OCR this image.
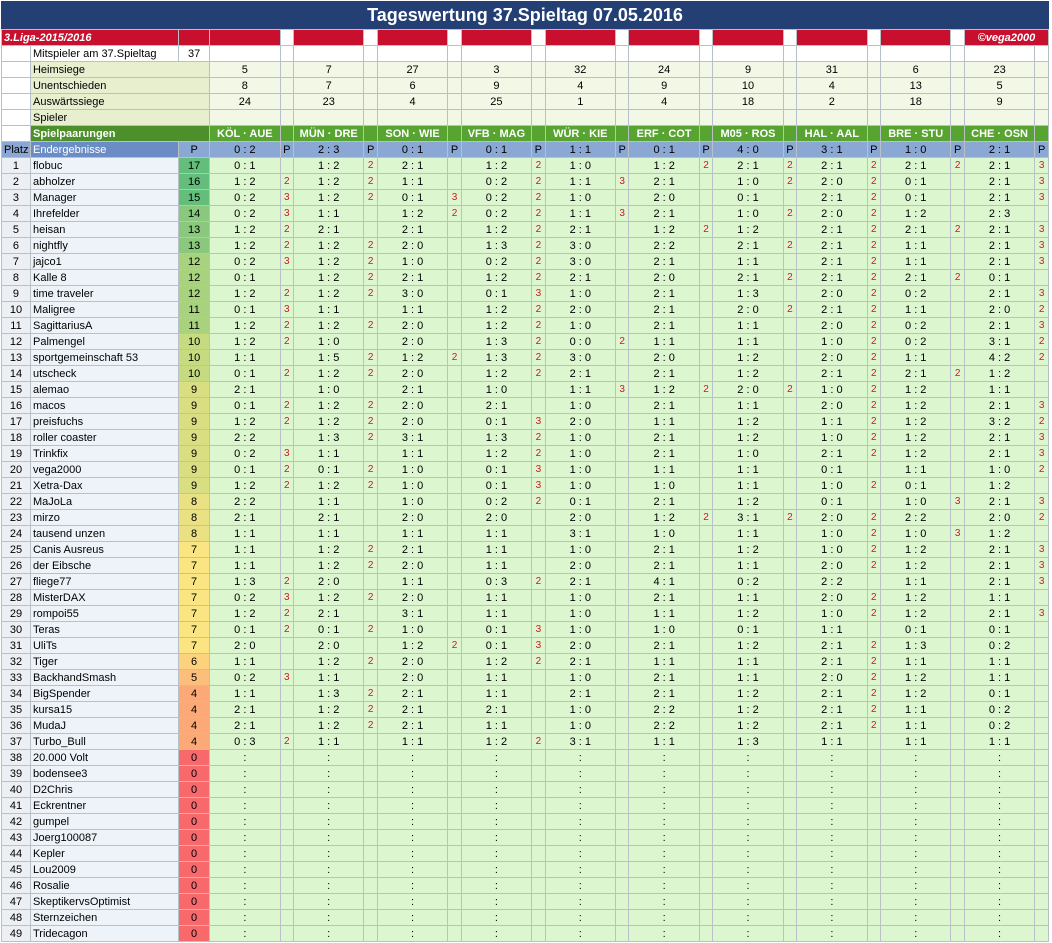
Tageswertung 37.Spieltag 07.05.2016
3.Liga-2015/2016																					©vega2000	
	Mitspieler am 37.Spieltag	37																				
	Heimsiege		5		7		27		3		32		24		9		31		6		23	
	Unentschieden		8		7		6		9		4		9		10		4		13		5	
	Auswärtssiege		24		23		4		25		1		4		18		2		18		9	
	Spieler																					
	Spielpaarungen		KÖL · AUE		MÜN · DRE		SON · WIE		VFB · MAG		WÜR · KIE		ERF · COT		M05 · ROS		HAL · AAL		BRE · STU		CHE · OSN	
Platz	Endergebnisse	P	0 : 2	P	2 : 3	P	0 : 1	P	0 : 1	P	1 : 1	P	0 : 1	P	4 : 0	P	3 : 1	P	1 : 0	P	2 : 1	P
1	flobuc	17	0 : 1		1 : 2	2	2 : 1		1 : 2	2	1 : 0		1 : 2	2	2 : 1	2	2 : 1	2	2 : 1	2	2 : 1	3
2	abholzer	16	1 : 2	2	1 : 2	2	1 : 1		0 : 2	2	1 : 1	3	2 : 1		1 : 0	2	2 : 0	2	0 : 1		2 : 1	3
3	Manager	15	0 : 2	3	1 : 2	2	0 : 1	3	0 : 2	2	1 : 0		2 : 0		0 : 1		2 : 1	2	0 : 1		2 : 1	3
4	Ihrefelder	14	0 : 2	3	1 : 1		1 : 2	2	0 : 2	2	1 : 1	3	2 : 1		1 : 0	2	2 : 0	2	1 : 2		2 : 3	
5	heisan	13	1 : 2	2	2 : 1		2 : 1		1 : 2	2	2 : 1		1 : 2	2	1 : 2		2 : 1	2	2 : 1	2	2 : 1	3
6	nightfly	13	1 : 2	2	1 : 2	2	2 : 0		1 : 3	2	3 : 0		2 : 2		2 : 1	2	2 : 1	2	1 : 1		2 : 1	3
7	jajco1	12	0 : 2	3	1 : 2	2	1 : 0		0 : 2	2	3 : 0		2 : 1		1 : 1		2 : 1	2	1 : 1		2 : 1	3
8	Kalle 8	12	0 : 1		1 : 2	2	2 : 1		1 : 2	2	2 : 1		2 : 0		2 : 1	2	2 : 1	2	2 : 1	2	0 : 1	
9	time traveler	12	1 : 2	2	1 : 2	2	3 : 0		0 : 1	3	1 : 0		2 : 1		1 : 3		2 : 0	2	0 : 2		2 : 1	3
10	Maligree	11	0 : 1	3	1 : 1		1 : 1		1 : 2	2	2 : 0		2 : 1		2 : 0	2	2 : 1	2	1 : 1		2 : 0	2
11	SagittariusA	11	1 : 2	2	1 : 2	2	2 : 0		1 : 2	2	1 : 0		2 : 1		1 : 1		2 : 0	2	0 : 2		2 : 1	3
12	Palmengel	10	1 : 2	2	1 : 0		2 : 0		1 : 3	2	0 : 0	2	1 : 1		1 : 1		1 : 0	2	0 : 2		3 : 1	2
13	sportgemeinschaft 53	10	1 : 1		1 : 5	2	1 : 2	2	1 : 3	2	3 : 0		2 : 0		1 : 2		2 : 0	2	1 : 1		4 : 2	2
14	utscheck	10	0 : 1	2	1 : 2	2	2 : 0		1 : 2	2	2 : 1		2 : 1		1 : 2		2 : 1	2	2 : 1	2	1 : 2	
15	alemao	9	2 : 1		1 : 0		2 : 1		1 : 0		1 : 1	3	1 : 2	2	2 : 0	2	1 : 0	2	1 : 2		1 : 1	
16	macos	9	0 : 1	2	1 : 2	2	2 : 0		2 : 1		1 : 0		2 : 1		1 : 1		2 : 0	2	1 : 2		2 : 1	3
17	preisfuchs	9	1 : 2	2	1 : 2	2	2 : 0		0 : 1	3	2 : 0		1 : 1		1 : 2		1 : 1	2	1 : 2		3 : 2	2
18	roller coaster	9	2 : 2		1 : 3	2	3 : 1		1 : 3	2	1 : 0		2 : 1		1 : 2		1 : 0	2	1 : 2		2 : 1	3
19	Trinkfix	9	0 : 2	3	1 : 1		1 : 1		1 : 2	2	1 : 0		2 : 1		1 : 0		2 : 1	2	1 : 2		2 : 1	3
20	vega2000	9	0 : 1	2	0 : 1	2	1 : 0		0 : 1	3	1 : 0		1 : 1		1 : 1		0 : 1		1 : 1		1 : 0	2
21	Xetra-Dax	9	1 : 2	2	1 : 2	2	1 : 0		0 : 1	3	1 : 0		1 : 0		1 : 1		1 : 0	2	0 : 1		1 : 2	
22	MaJoLa	8	2 : 2		1 : 1		1 : 0		0 : 2	2	0 : 1		2 : 1		1 : 2		0 : 1		1 : 0	3	2 : 1	3
23	mirzo	8	2 : 1		2 : 1		2 : 0		2 : 0		2 : 0		1 : 2	2	3 : 1	2	2 : 0	2	2 : 2		2 : 0	2
24	tausend unzen	8	1 : 1		1 : 1		1 : 1		1 : 1		3 : 1		1 : 0		1 : 1		1 : 0	2	1 : 0	3	1 : 2	
25	Canis Ausreus	7	1 : 1		1 : 2	2	2 : 1		1 : 1		1 : 0		2 : 1		1 : 2		1 : 0	2	1 : 2		2 : 1	3
26	der Eibsche	7	1 : 1		1 : 2	2	2 : 0		1 : 1		2 : 0		2 : 1		1 : 1		2 : 0	2	1 : 2		2 : 1	3
27	fliege77	7	1 : 3	2	2 : 0		1 : 1		0 : 3	2	2 : 1		4 : 1		0 : 2		2 : 2		1 : 1		2 : 1	3
28	MisterDAX	7	0 : 2	3	1 : 2	2	2 : 0		1 : 1		1 : 0		2 : 1		1 : 1		2 : 0	2	1 : 2		1 : 1	
29	rompoi55	7	1 : 2	2	2 : 1		3 : 1		1 : 1		1 : 0		1 : 1		1 : 2		1 : 0	2	1 : 2		2 : 1	3
30	Teras	7	0 : 1	2	0 : 1	2	1 : 0		0 : 1	3	1 : 0		1 : 0		0 : 1		1 : 1		0 : 1		0 : 1	
31	UliTs	7	2 : 0		2 : 0		1 : 2	2	0 : 1	3	2 : 0		2 : 1		1 : 2		2 : 1	2	1 : 3		0 : 2	
32	Tiger	6	1 : 1		1 : 2	2	2 : 0		1 : 2	2	2 : 1		1 : 1		1 : 1		2 : 1	2	1 : 1		1 : 1	
33	BackhandSmash	5	0 : 2	3	1 : 1		2 : 0		1 : 1		1 : 0		2 : 1		1 : 1		2 : 0	2	1 : 2		1 : 1	
34	BigSpender	4	1 : 1		1 : 3	2	2 : 1		1 : 1		2 : 1		2 : 1		1 : 2		2 : 1	2	1 : 2		0 : 1	
35	kursa15	4	2 : 1		1 : 2	2	2 : 1		2 : 1		1 : 0		2 : 2		1 : 2		2 : 1	2	1 : 1		0 : 2	
36	MudaJ	4	2 : 1		1 : 2	2	2 : 1		1 : 1		1 : 0		2 : 2		1 : 2		2 : 1	2	1 : 1		0 : 2	
37	Turbo_Bull	4	0 : 3	2	1 : 1		1 : 1		1 : 2	2	3 : 1		1 : 1		1 : 3		1 : 1		1 : 1		1 : 1	
38	20.000 Volt	0	:		:		:		:		:		:		:		:		:		:	
39	bodensee3	0	:		:		:		:		:		:		:		:		:		:	
40	D2Chris	0	:		:		:		:		:		:		:		:		:		:	
41	Eckrentner	0	:		:		:		:		:		:		:		:		:		:	
42	gumpel	0	:		:		:		:		:		:		:		:		:		:	
43	Joerg100087	0	:		:		:		:		:		:		:		:		:		:	
44	Kepler	0	:		:		:		:		:		:		:		:		:		:	
45	Lou2009	0	:		:		:		:		:		:		:		:		:		:	
46	Rosalie	0	:		:		:		:		:		:		:		:		:		:	
47	SkeptikervsOptimist	0	:		:		:		:		:		:		:		:		:		:	
48	Sternzeichen	0	:		:		:		:		:		:		:		:		:		:	
49	Tridecagon	0	:		:		:		:		:		:		:		:		:		:	
